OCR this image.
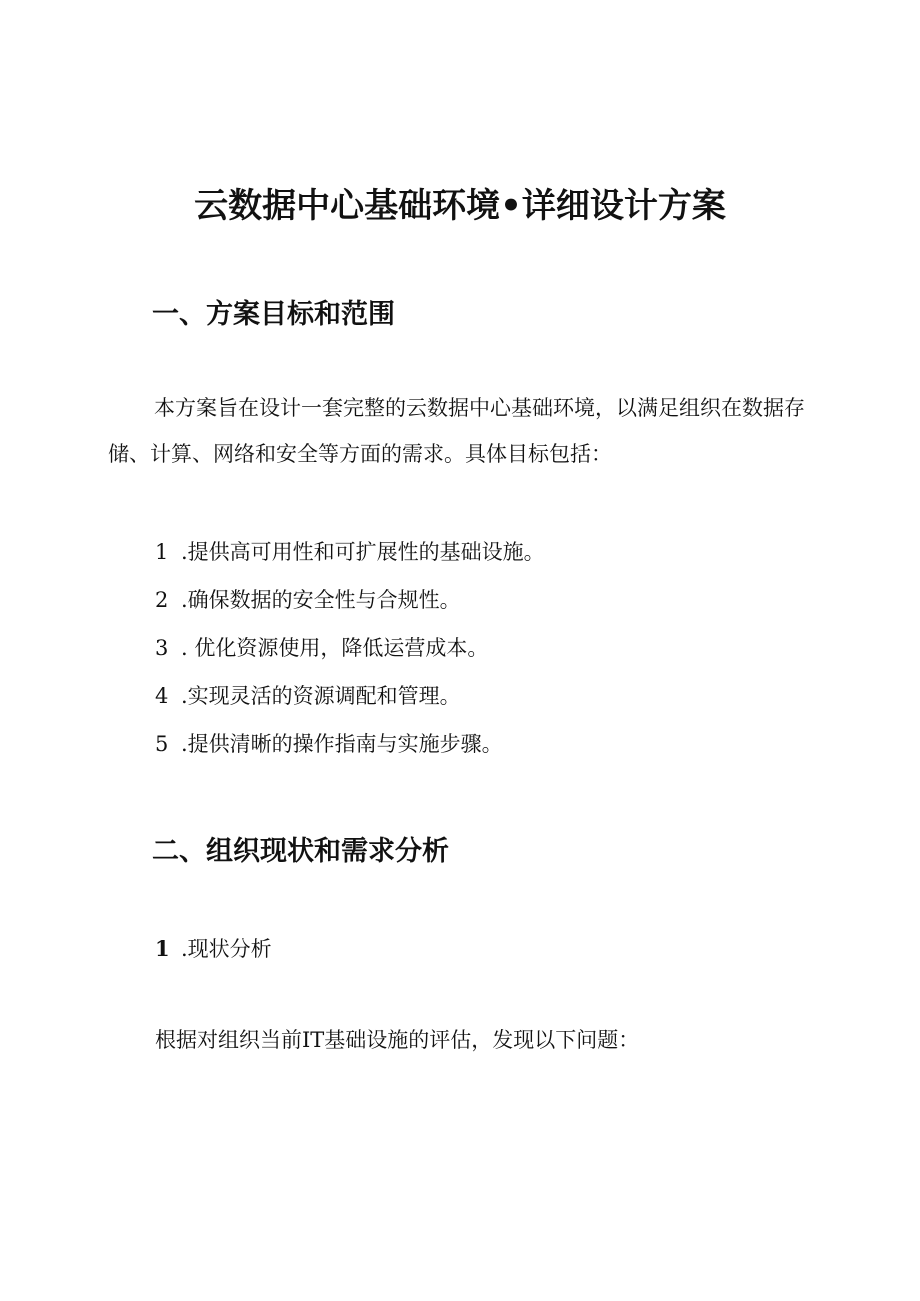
云数据中心基础环境•详细设计方案
一、方案目标和范围

本方案旨在设计一套完整的云数据中心基础环境，以满足组织在数据存储、计算、网络和安全等方面的需求。具体目标包括：

1 .提供高可用性和可扩展性的基础设施。
2 .确保数据的安全性与合规性。
3 . 优化资源使用，降低运营成本。
4 .实现灵活的资源调配和管理。
5 .提供清晰的操作指南与实施步骤。
二、组织现状和需求分析

1 .现状分析

根据对组织当前IT基础设施的评估，发现以下问题：
